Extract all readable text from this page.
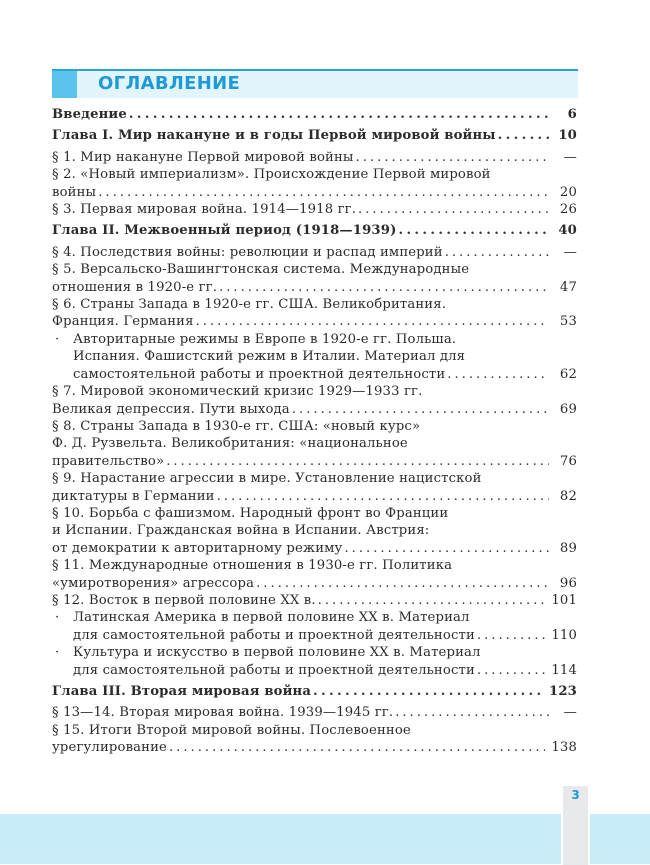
ОГЛАВЛЕНИЕ
Введение . . .	6
Глава I. Мир накануне и в годы Первой мировой войны . . .	10
§ 1. Мир накануне Первой мировой войны . . .	—
§ 2. «Новый империализм». Происхождение Первой мировой
войны . . .	20
§ 3. Первая мировая война. 1914—1918 гг. . . .	26
Глава II. Межвоенный период (1918—1939) . . .	40
§ 4. Последствия войны: революции и распад империй . . .	—
§ 5. Версальско-Вашингтонская система. Международные
отношения в 1920-е гг. . . .	47
§ 6. Страны Запада в 1920-е гг. США. Великобритания.
Франция. Германия . . .	53
· Авторитарные режимы в Европе в 1920-е гг. Польша.
Испания. Фашистский режим в Италии. Материал для
самостоятельной работы и проектной деятельности . . .	62
§ 7. Мировой экономический кризис 1929—1933 гг.
Великая депрессия. Пути выхода . . .	69
§ 8. Страны Запада в 1930-е гг. США: «новый курс»
Ф. Д. Рузвельта. Великобритания: «национальное
правительство» . . .	76
§ 9. Нарастание агрессии в мире. Установление нацистской
диктатуры в Германии . . .	82
§ 10. Борьба с фашизмом. Народный фронт во Франции
и Испании. Гражданская война в Испании. Австрия:
от демократии к авторитарному режиму . . .	89
§ 11. Международные отношения в 1930-е гг. Политика
«умиротворения» агрессора . . .	96
§ 12. Восток в первой половине XX в. . . .	101
· Латинская Америка в первой половине XX в. Материал
для самостоятельной работы и проектной деятельности . . .	110
· Культура и искусство в первой половине XX в. Материал
для самостоятельной работы и проектной деятельности . . .	114
Глава III. Вторая мировая война . . .	123
§ 13—14. Вторая мировая война. 1939—1945 гг. . . .	—
§ 15. Итоги Второй мировой войны. Послевоенное
урегулирование . . .	138
3
